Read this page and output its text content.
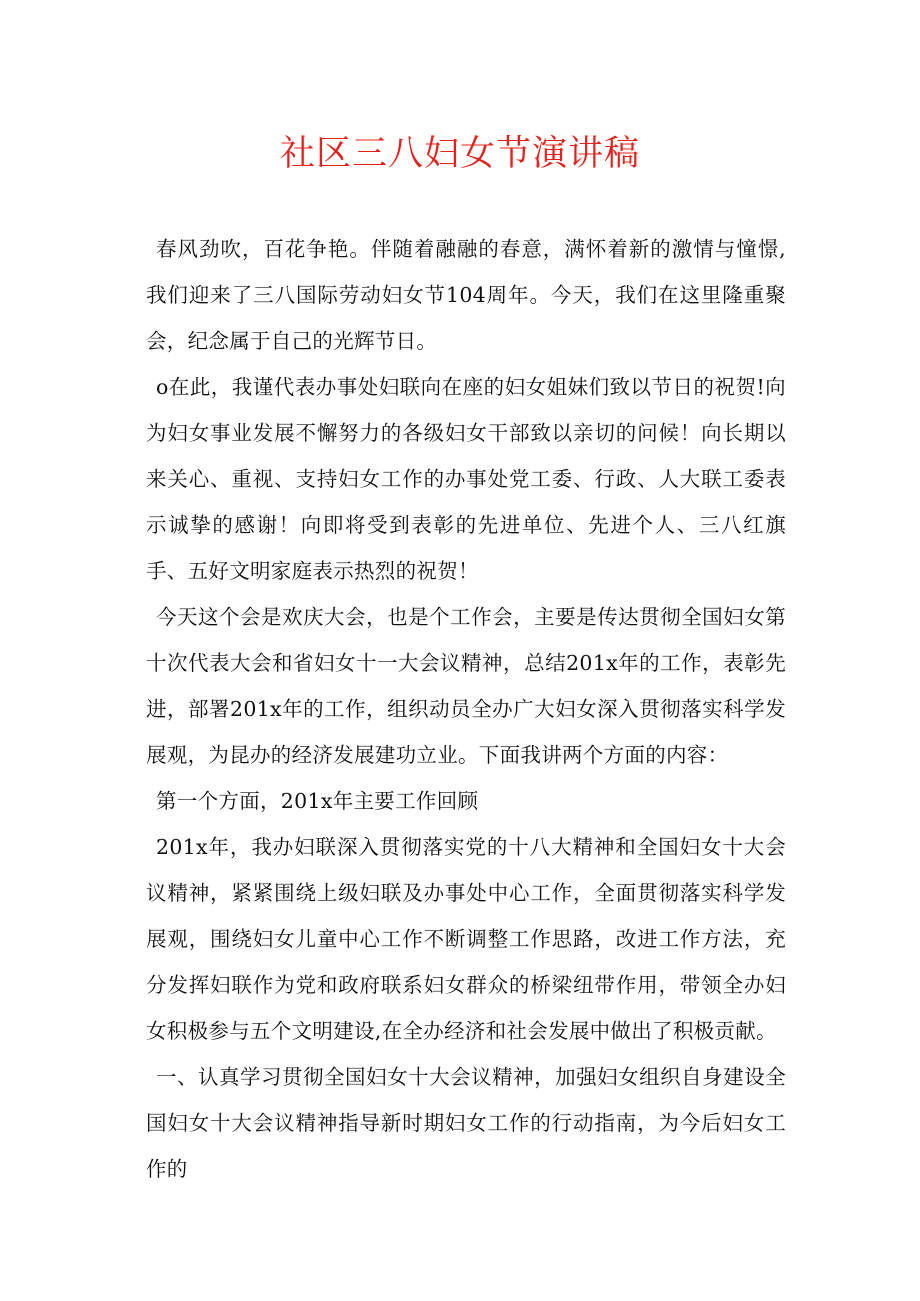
社区三八妇女节演讲稿

春风劲吹，百花争艳。伴随着融融的春意，满怀着新的激情与憧憬,我们迎来了三八国际劳动妇女节104周年。今天，我们在这里隆重聚会，纪念属于自己的光辉节日。

o在此，我谨代表办事处妇联向在座的妇女姐妹们致以节日的祝贺!向为妇女事业发展不懈努力的各级妇女干部致以亲切的问候！向长期以来关心、重视、支持妇女工作的办事处党工委、行政、人大联工委表示诚挚的感谢！向即将受到表彰的先进单位、先进个人、三八红旗手、五好文明家庭表示热烈的祝贺！

今天这个会是欢庆大会，也是个工作会，主要是传达贯彻全国妇女第十次代表大会和省妇女十一大会议精神，总结201x年的工作，表彰先进，部署201x年的工作，组织动员全办广大妇女深入贯彻落实科学发展观，为昆办的经济发展建功立业。下面我讲两个方面的内容：

第一个方面，201x年主要工作回顾

201x年，我办妇联深入贯彻落实党的十八大精神和全国妇女十大会议精神，紧紧围绕上级妇联及办事处中心工作，全面贯彻落实科学发展观，围绕妇女儿童中心工作不断调整工作思路，改进工作方法，充分发挥妇联作为党和政府联系妇女群众的桥梁纽带作用，带领全办妇女积极参与五个文明建设,在全办经济和社会发展中做出了积极贡献。

一、认真学习贯彻全国妇女十大会议精神，加强妇女组织自身建设全国妇女十大会议精神指导新时期妇女工作的行动指南，为今后妇女工作的
